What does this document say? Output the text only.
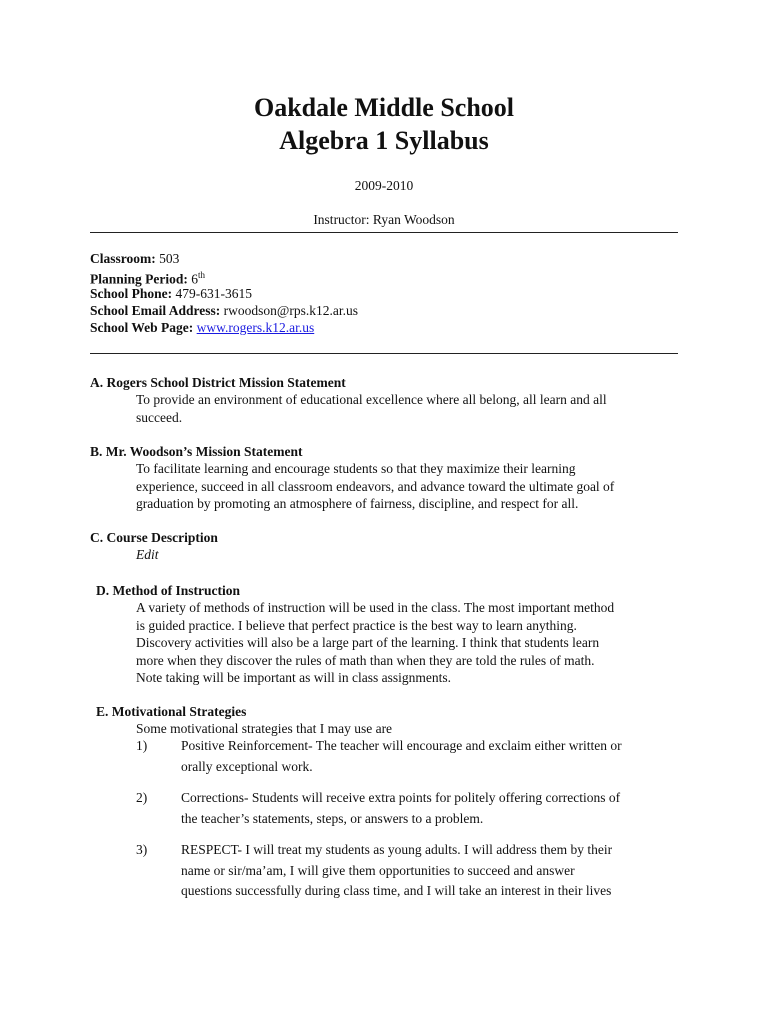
Oakdale Middle School
Algebra 1 Syllabus
2009-2010
Instructor: Ryan Woodson
Classroom: 503
Planning Period: 6th
School Phone: 479-631-3615
School Email Address: rwoodson@rps.k12.ar.us
School Web Page: www.rogers.k12.ar.us
A. Rogers School District Mission Statement

To provide an environment of educational excellence where all belong, all learn and all

succeed.

B. Mr. Woodson’s Mission Statement

To facilitate learning and encourage students so that they maximize their learning

experience, succeed in all classroom endeavors, and advance toward the ultimate goal of

graduation by promoting an atmosphere of fairness, discipline, and respect for all.

C. Course Description

Edit

D. Method of Instruction

A variety of methods of instruction will be used in the class. The most important method

is guided practice. I believe that perfect practice is the best way to learn anything.

Discovery activities will also be a large part of the learning. I think that students learn

more when they discover the rules of math than when they are told the rules of math.

Note taking will be important as will in class assignments.

E. Motivational Strategies

Some motivational strategies that I may use are

1)	Positive Reinforcement- The teacher will encourage and exclaim either written or

orally exceptional work.

2)	Corrections- Students will receive extra points for politely offering corrections of

the teacher’s statements, steps, or answers to a problem.

3)	RESPECT- I will treat my students as young adults. I will address them by their

name or sir/ma’am, I will give them opportunities to succeed and answer

questions successfully during class time, and I will take an interest in their lives
